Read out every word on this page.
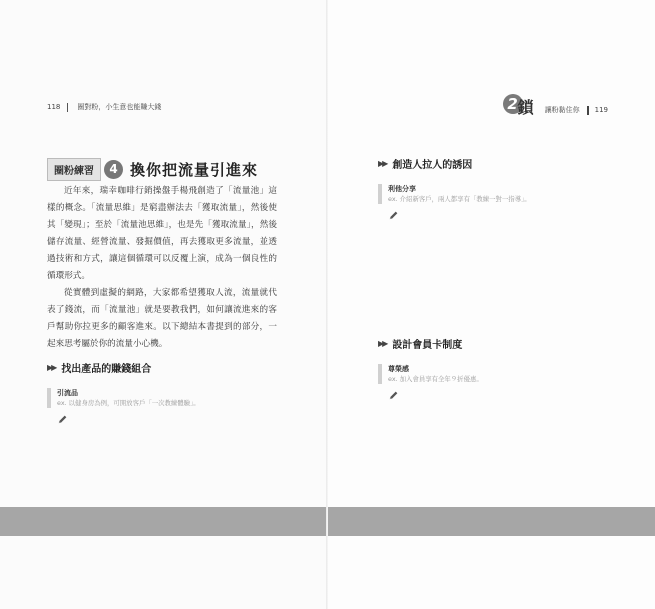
118 圈對粉，小生意也能賺大錢
圈粉練習	4 換你把流量引進來

近年來，瑞幸咖啡行銷操盤手楊飛創造了「流量池」這樣的概念。「流量思維」是窮盡辦法去「獲取流量」，然後使其「變現」；至於「流量池思維」，也是先「獲取流量」，然後儲存流量、經營流量、發掘價值，再去獲取更多流量，並透過技術和方式，讓這個循環可以反覆上演，成為一個良性的循環形式。

從實體到虛擬的網路，大家都希望獲取人流，流量就代表了錢流，而「流量池」就是要教我們，如何讓流進來的客戶幫助你拉更多的顧客進來。以下總結本書提到的部分，一起來思考屬於你的流量小心機。

▶▶ 找出產品的賺錢組合
引流品
ex. 以健身房為例，可開放客戶「一次教練體驗」。
2 鎖 讓粉黏住你 119
▶▶ 創造人拉人的誘因
利他分享
ex. 介紹新客戶，兩人都享有「教練一對一指導」。
▶▶ 設計會員卡制度
尊榮感
ex. 加入會員享有全年９折優惠。
